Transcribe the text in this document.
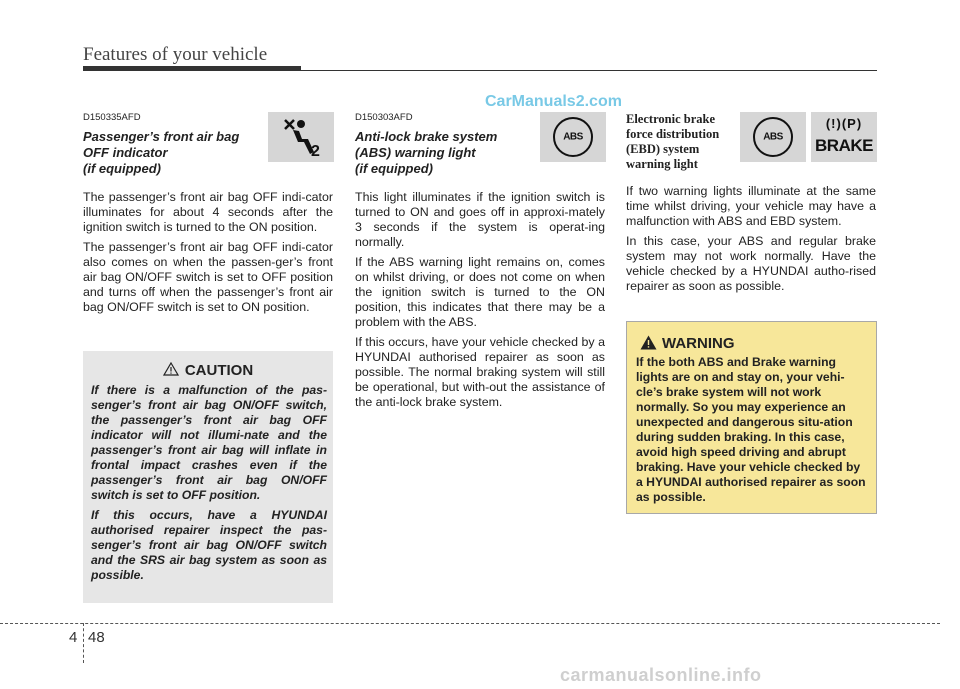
Features of your vehicle
CarManuals2.com
D150335AFD
Passenger’s front air bag
OFF indicator
(if equipped)

The passenger’s front air bag OFF indi-cator illuminates for about 4 seconds after the ignition switch is turned to the ON position.

The passenger’s front air bag OFF indi-cator also comes on when the passen-ger’s front air bag ON/OFF switch is set to OFF position and turns off when the passenger’s front air bag ON/OFF switch is set to ON position.

2
CAUTION

If there is a malfunction of the pas-senger’s front air bag ON/OFF switch, the passenger’s front air bag OFF indicator will not illumi-nate and the passenger’s front air bag will inflate in frontal impact crashes even if the passenger’s front air bag ON/OFF switch is set to OFF position.

If this occurs, have a HYUNDAI authorised repairer inspect the pas-senger’s front air bag ON/OFF switch and the SRS air bag system as soon as possible.

D150303AFD
Anti-lock brake system
(ABS) warning light
(if equipped)

This light illuminates if the ignition switch is turned to ON and goes off in approxi-mately 3 seconds if the system is operat-ing normally.

If the ABS warning light remains on, comes on whilst driving, or does not come on when the ignition switch is turned to the ON position, this indicates that there may be a problem with the ABS.

If this occurs, have your vehicle checked by a HYUNDAI authorised repairer as soon as possible. The normal braking system will still be operational, but with-out the assistance of the anti-lock brake system.

ABS
Electronic brake
force distribution
(EBD) system
warning light

If two warning lights illuminate at the same time whilst driving, your vehicle may have a malfunction with ABS and EBD system.

In this case, your ABS and regular brake system may not work normally. Have the vehicle checked by a HYUNDAI autho-rised repairer as soon as possible.

ABS
(!)(P)
BRAKE
WARNING
If the both ABS and Brake warning lights are on and stay on, your vehi-cle’s brake system will not work normally. So you may experience an unexpected and dangerous situ-ation during sudden braking. In this case, avoid high speed driving and abrupt braking. Have your vehicle checked by a HYUNDAI authorised repairer as soon as possible.
4 48
carmanualsonline.info
